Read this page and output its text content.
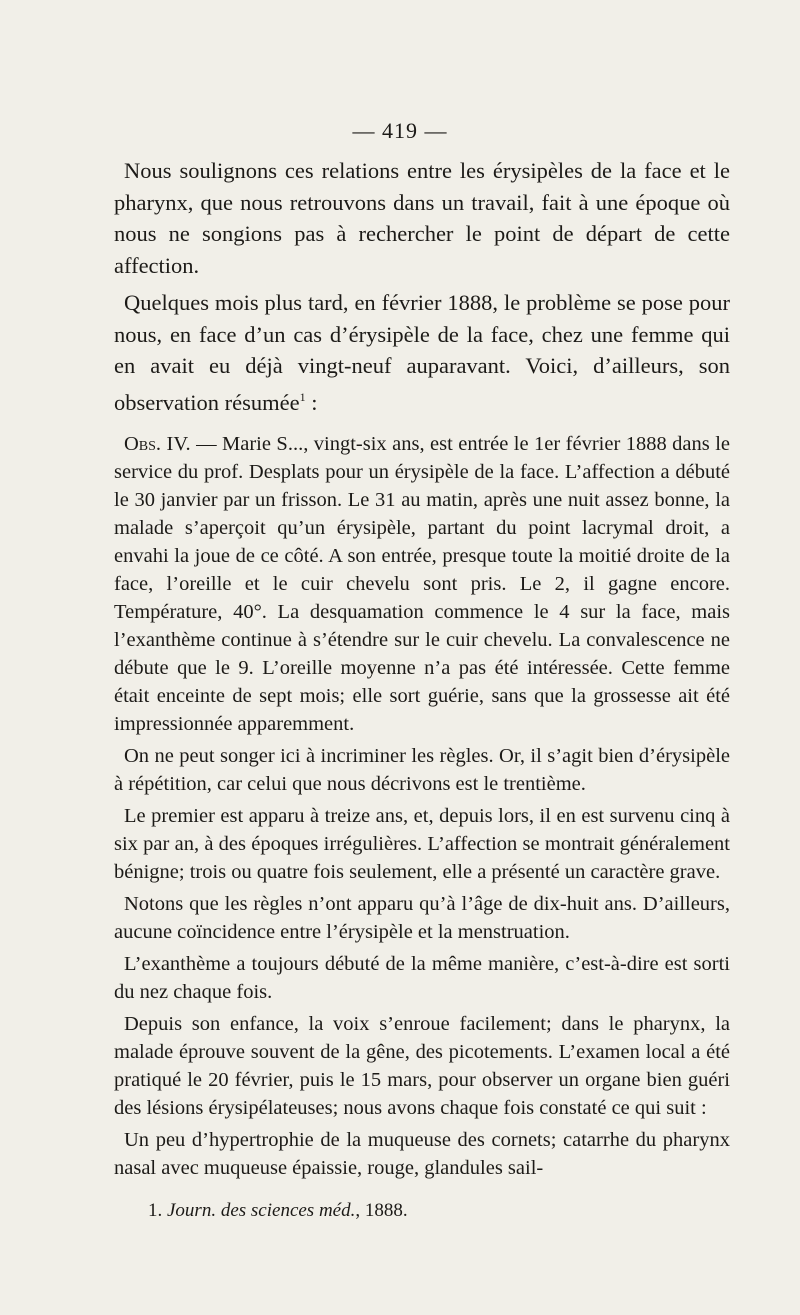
— 419 —

Nous soulignons ces relations entre les érysipèles de la face et le pharynx, que nous retrouvons dans un travail, fait à une époque où nous ne songions pas à rechercher le point de départ de cette affection.

Quelques mois plus tard, en février 1888, le problème se pose pour nous, en face d’un cas d’érysipèle de la face, chez une femme qui en avait eu déjà vingt-neuf auparavant. Voici, d’ailleurs, son observation résumée$^1$ :

Obs. IV. — Marie S..., vingt-six ans, est entrée le 1er février 1888 dans le service du prof. Desplats pour un érysipèle de la face. L’affection a débuté le 30 janvier par un frisson. Le 31 au matin, après une nuit assez bonne, la malade s’aperçoit qu’un érysipèle, partant du point lacrymal droit, a envahi la joue de ce côté. A son entrée, presque toute la moitié droite de la face, l’oreille et le cuir chevelu sont pris. Le 2, il gagne encore. Température, 40°. La desquamation commence le 4 sur la face, mais l’exanthème continue à s’étendre sur le cuir chevelu. La convalescence ne débute que le 9. L’oreille moyenne n’a pas été intéressée. Cette femme était enceinte de sept mois; elle sort guérie, sans que la grossesse ait été impressionnée apparemment.

On ne peut songer ici à incriminer les règles. Or, il s’agit bien d’érysipèle à répétition, car celui que nous décrivons est le trentième.

Le premier est apparu à treize ans, et, depuis lors, il en est survenu cinq à six par an, à des époques irrégulières. L’affection se montrait généralement bénigne; trois ou quatre fois seulement, elle a présenté un caractère grave.

Notons que les règles n’ont apparu qu’à l’âge de dix-huit ans. D’ailleurs, aucune coïncidence entre l’érysipèle et la menstruation.

L’exanthème a toujours débuté de la même manière, c’est-à-dire est sorti du nez chaque fois.

Depuis son enfance, la voix s’enroue facilement; dans le pharynx, la malade éprouve souvent de la gêne, des picotements. L’examen local a été pratiqué le 20 février, puis le 15 mars, pour observer un organe bien guéri des lésions érysipélateuses; nous avons chaque fois constaté ce qui suit :

Un peu d’hypertrophie de la muqueuse des cornets; catarrhe du pharynx nasal avec muqueuse épaissie, rouge, glandules sail-

1. Journ. des sciences méd., 1888.
